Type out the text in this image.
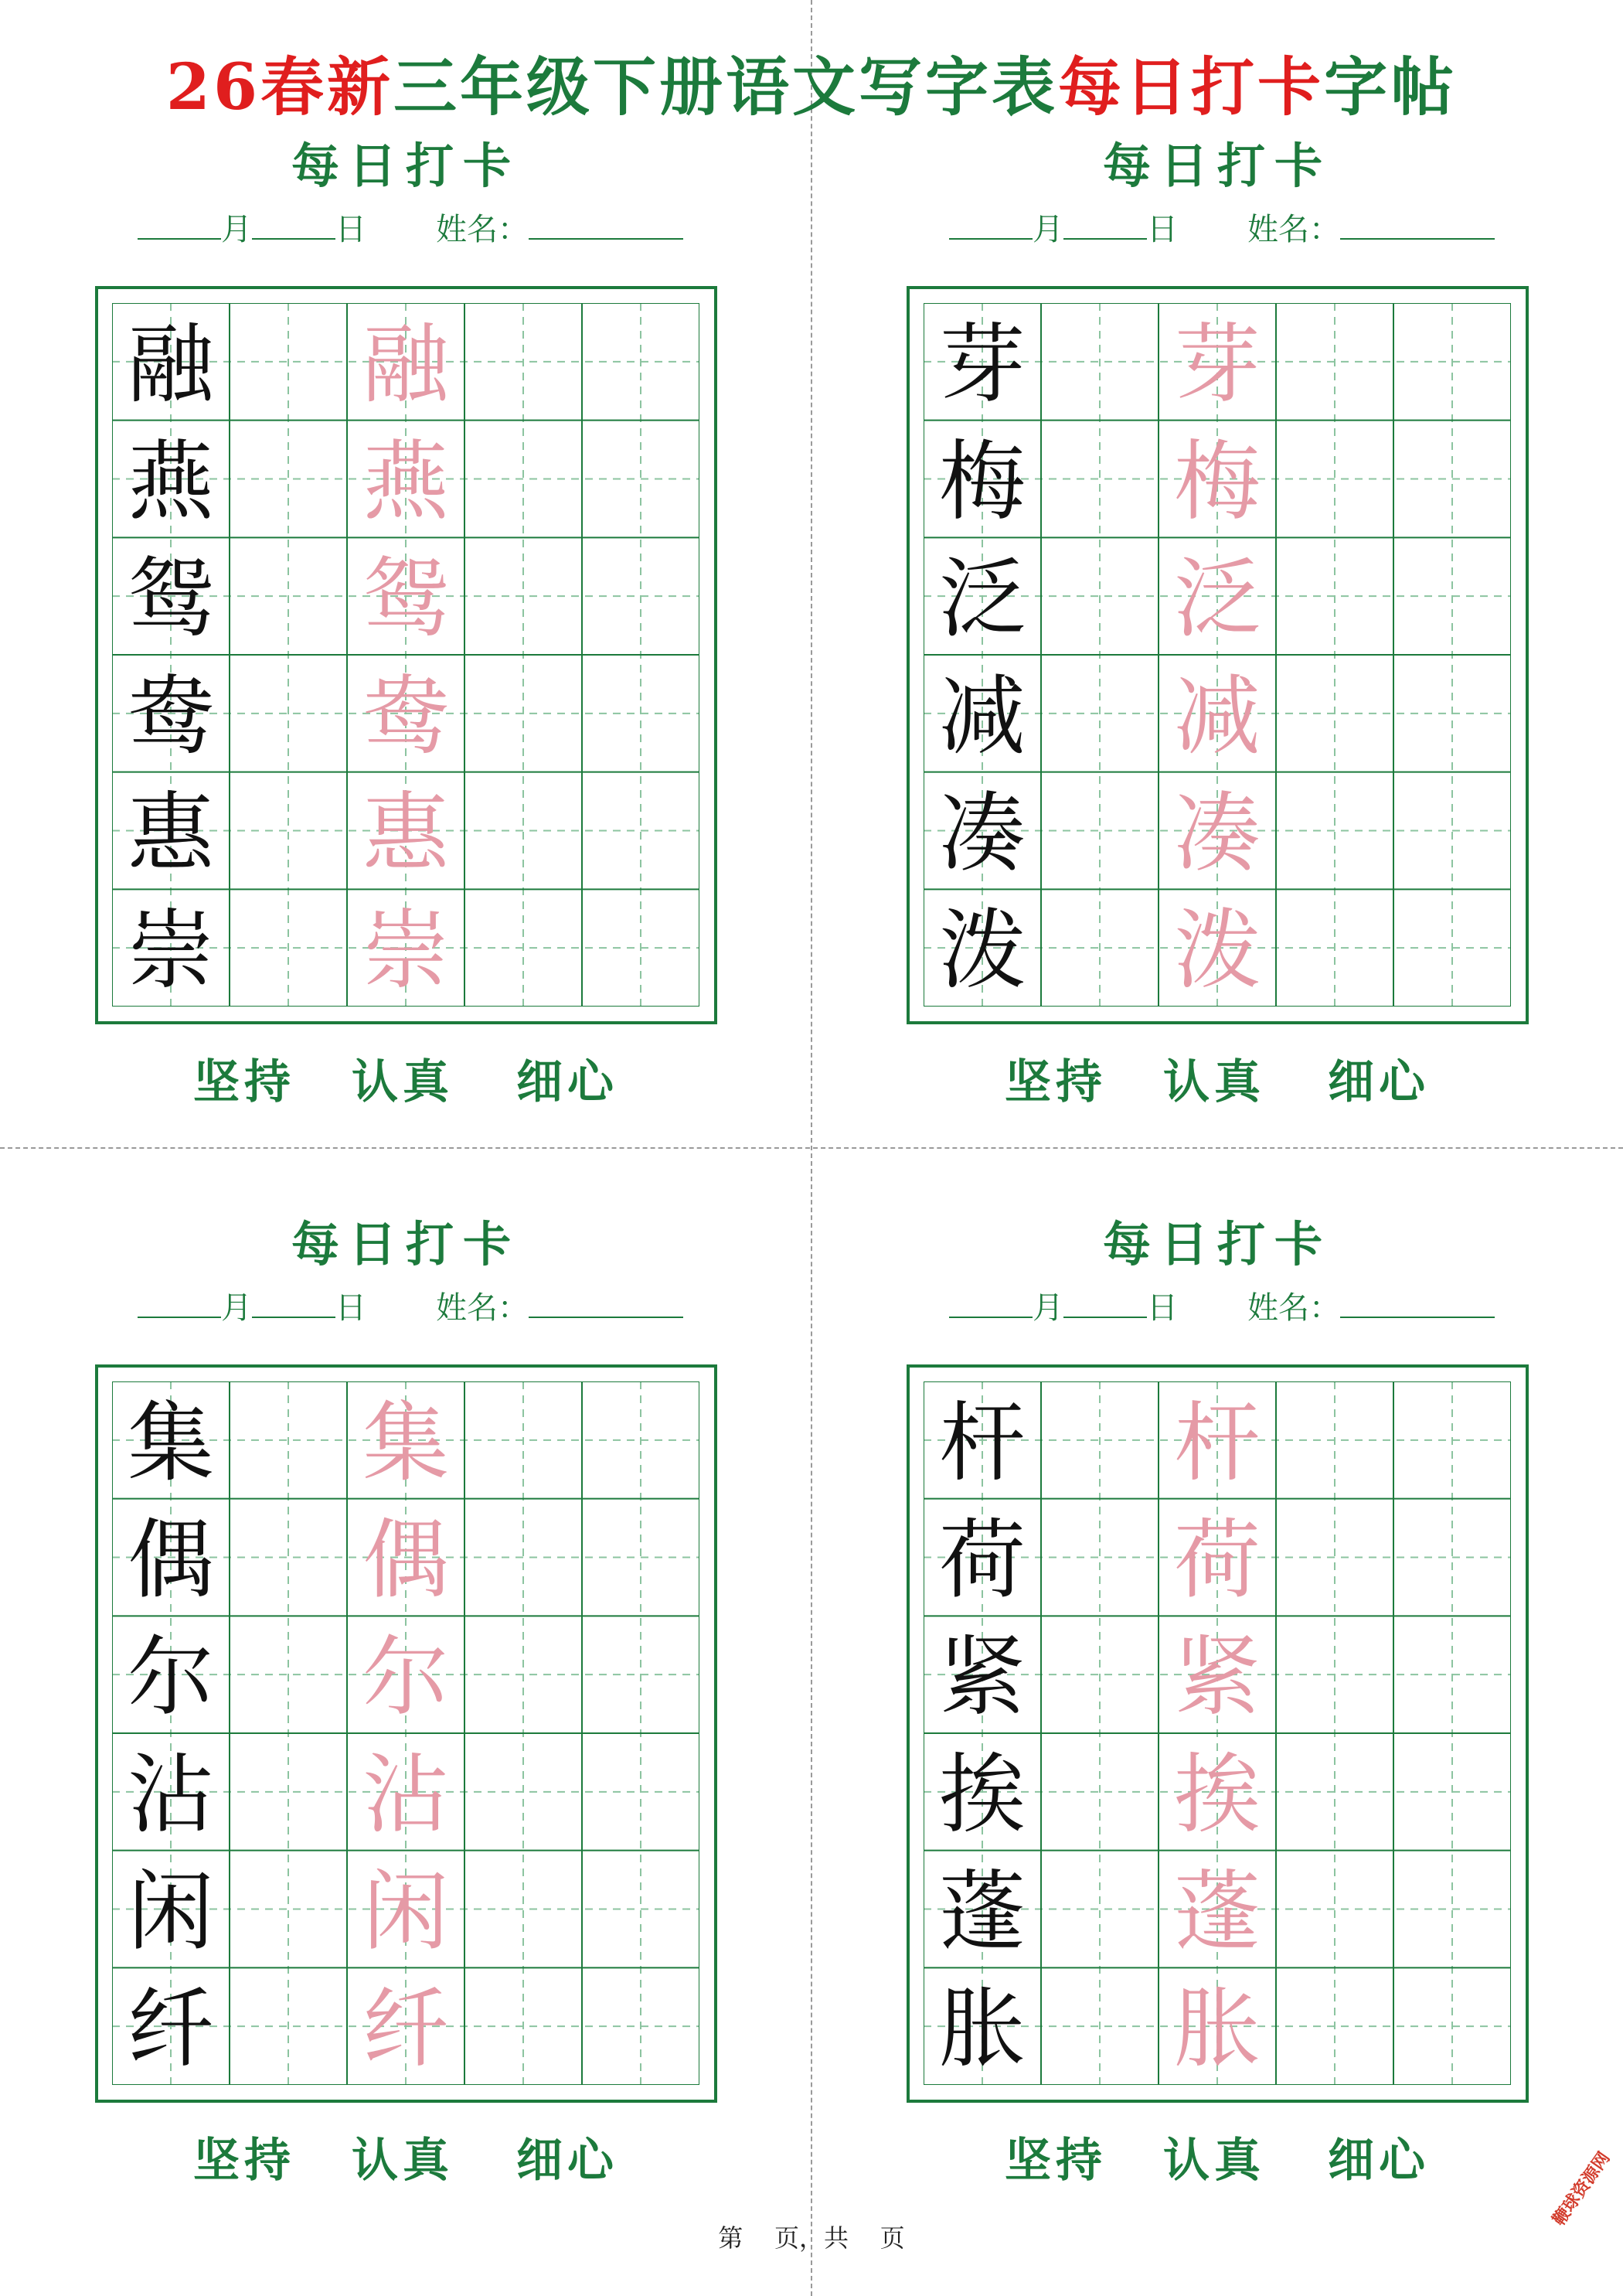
26春新三年级下册语文写字表每日打卡字帖
每日打卡
月	日 姓名：
融 融
燕 燕
鸳 鸳
鸯 鸯
惠 惠
崇 崇
坚持 认真 细心
每日打卡
月	日 姓名：
芽 芽
梅 梅
泛 泛
减 减
凑 凑
泼 泼
坚持 认真 细心
每日打卡
月	日 姓名：
集 集
偶 偶
尔 尔
沾 沾
闲 闲
纤 纤
坚持 认真 细心
每日打卡
月	日 姓名：
杆 杆
荷 荷
紧 紧
挨 挨
蓬 蓬
胀 胀
坚持 认真 细心
第    页，共    页
鞭球资源网
